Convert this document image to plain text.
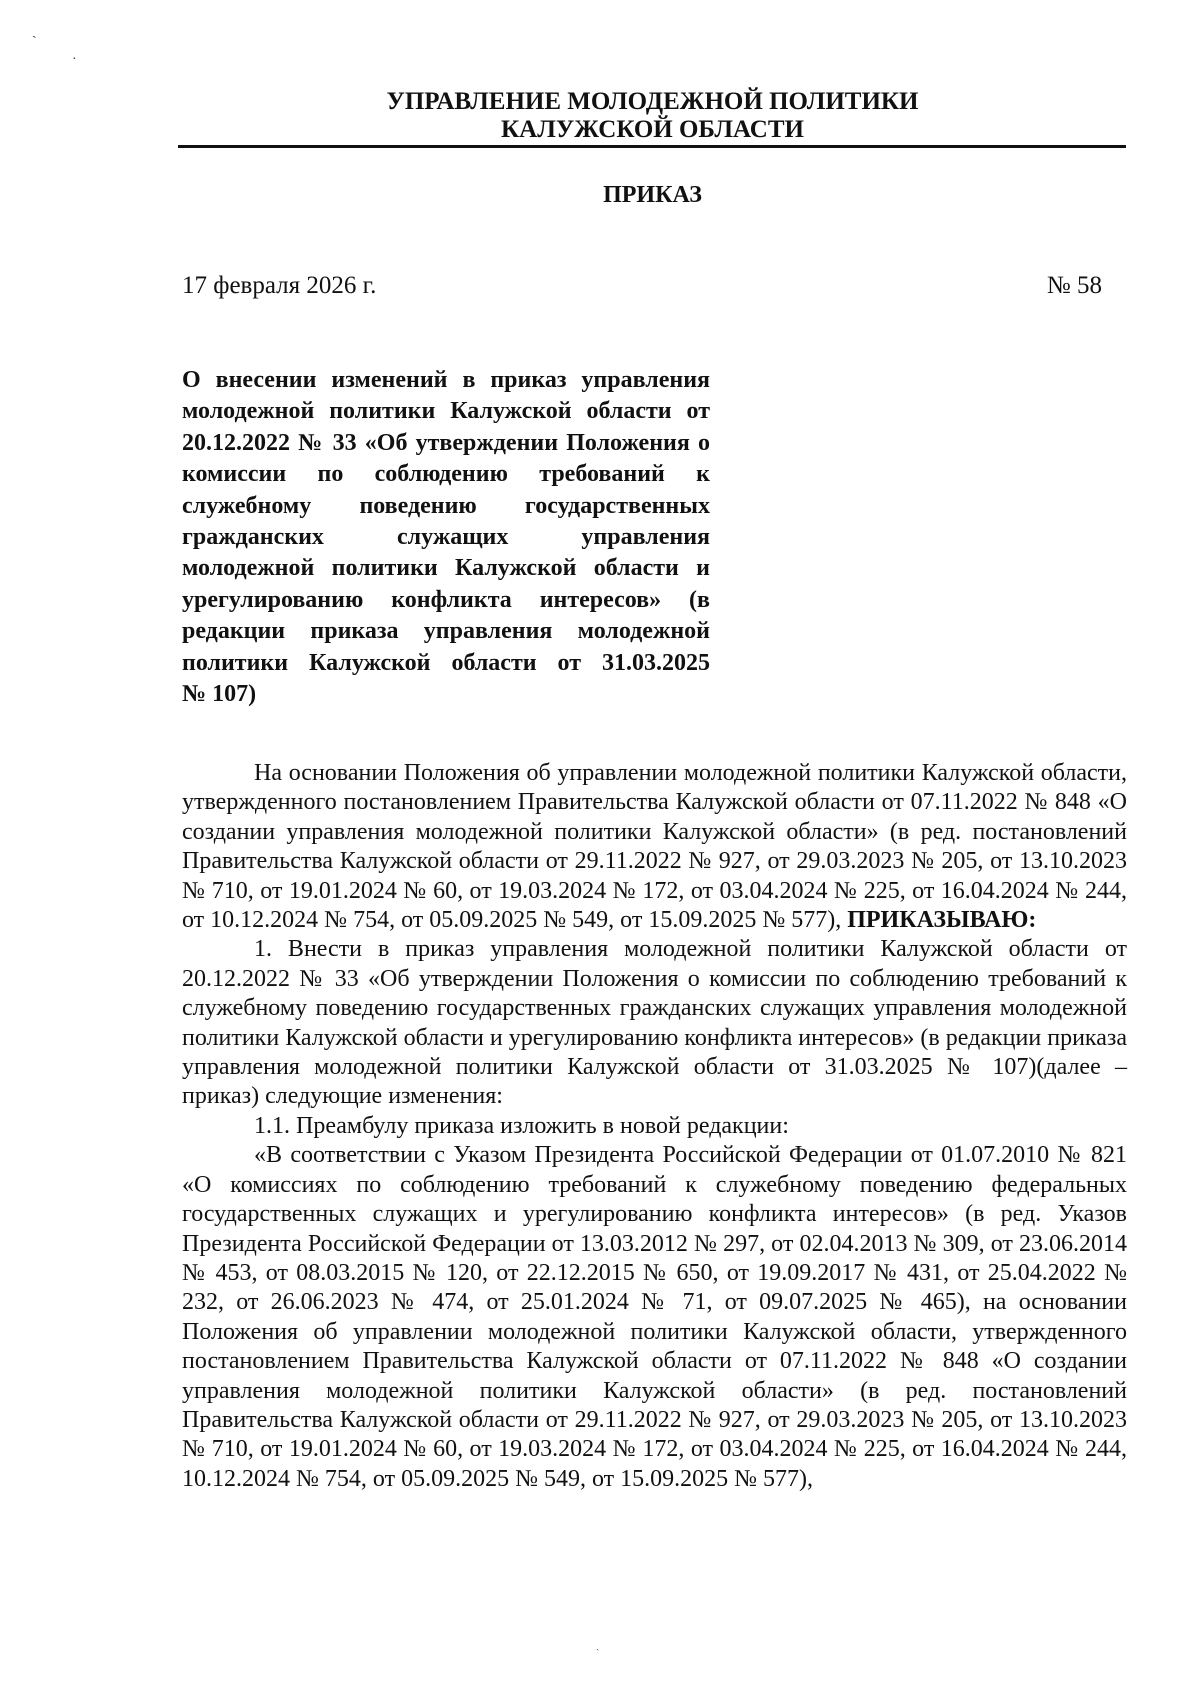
ˏ
·
ˎ
УПРАВЛЕНИЕ МОЛОДЕЖНОЙ ПОЛИТИКИ
КАЛУЖСКОЙ ОБЛАСТИ
ПРИКАЗ
17 февраля 2026 г.	№ 58
О внесении изменений в приказ управления молодежной политики Калужской области от 20.12.2022 № 33 «Об утверждении Положения о комиссии по соблюдению требований к служебному поведению государственных гражданских служащих управления молодежной политики Калужской области и урегулированию конфликта интересов» (в редакции приказа управления молодежной политики Калужской области от 31.03.2025
№ 107)

На основании Положения об управлении молодежной политики Калужской области, утвержденного постановлением Правительства Калужской области от 07.11.2022 № 848 «О создании управления молодежной политики Калужской области» (в ред. постановлений Правительства Калужской области от 29.11.2022 № 927, от 29.03.2023 № 205, от 13.10.2023 № 710, от 19.01.2024 № 60, от 19.03.2024 № 172, от 03.04.2024 № 225, от 16.04.2024 № 244, от 10.12.2024 № 754, от 05.09.2025 № 549, от 15.09.2025 № 577), ПРИКАЗЫВАЮ:

1. Внести в приказ управления молодежной политики Калужской области от 20.12.2022 № 33 «Об утверждении Положения о комиссии по соблюдению требований к служебному поведению государственных гражданских служащих управления молодежной политики Калужской области и урегулированию конфликта интересов» (в редакции приказа управления молодежной политики Калужской области от 31.03.2025 № 107)(далее – приказ) следующие изменения:

1.1. Преамбулу приказа изложить в новой редакции:

«В соответствии с Указом Президента Российской Федерации от 01.07.2010 № 821 «О комиссиях по соблюдению требований к служебному поведению федеральных государственных служащих и урегулированию конфликта интересов» (в ред. Указов Президента Российской Федерации от 13.03.2012 № 297, от 02.04.2013 № 309, от 23.06.2014 № 453, от 08.03.2015 № 120, от 22.12.2015 № 650, от 19.09.2017 № 431, от 25.04.2022 № 232, от 26.06.2023 № 474, от 25.01.2024 № 71, от 09.07.2025 № 465), на основании Положения об управлении молодежной политики Калужской области, утвержденного постановлением Правительства Калужской области от 07.11.2022 № 848 «О создании управления молодежной политики Калужской области» (в ред. постановлений Правительства Калужской области от 29.11.2022 № 927, от 29.03.2023 № 205, от 13.10.2023 № 710, от 19.01.2024 № 60, от 19.03.2024 № 172, от 03.04.2024 № 225, от 16.04.2024 № 244, 10.12.2024 № 754, от 05.09.2025 № 549, от 15.09.2025 № 577),
